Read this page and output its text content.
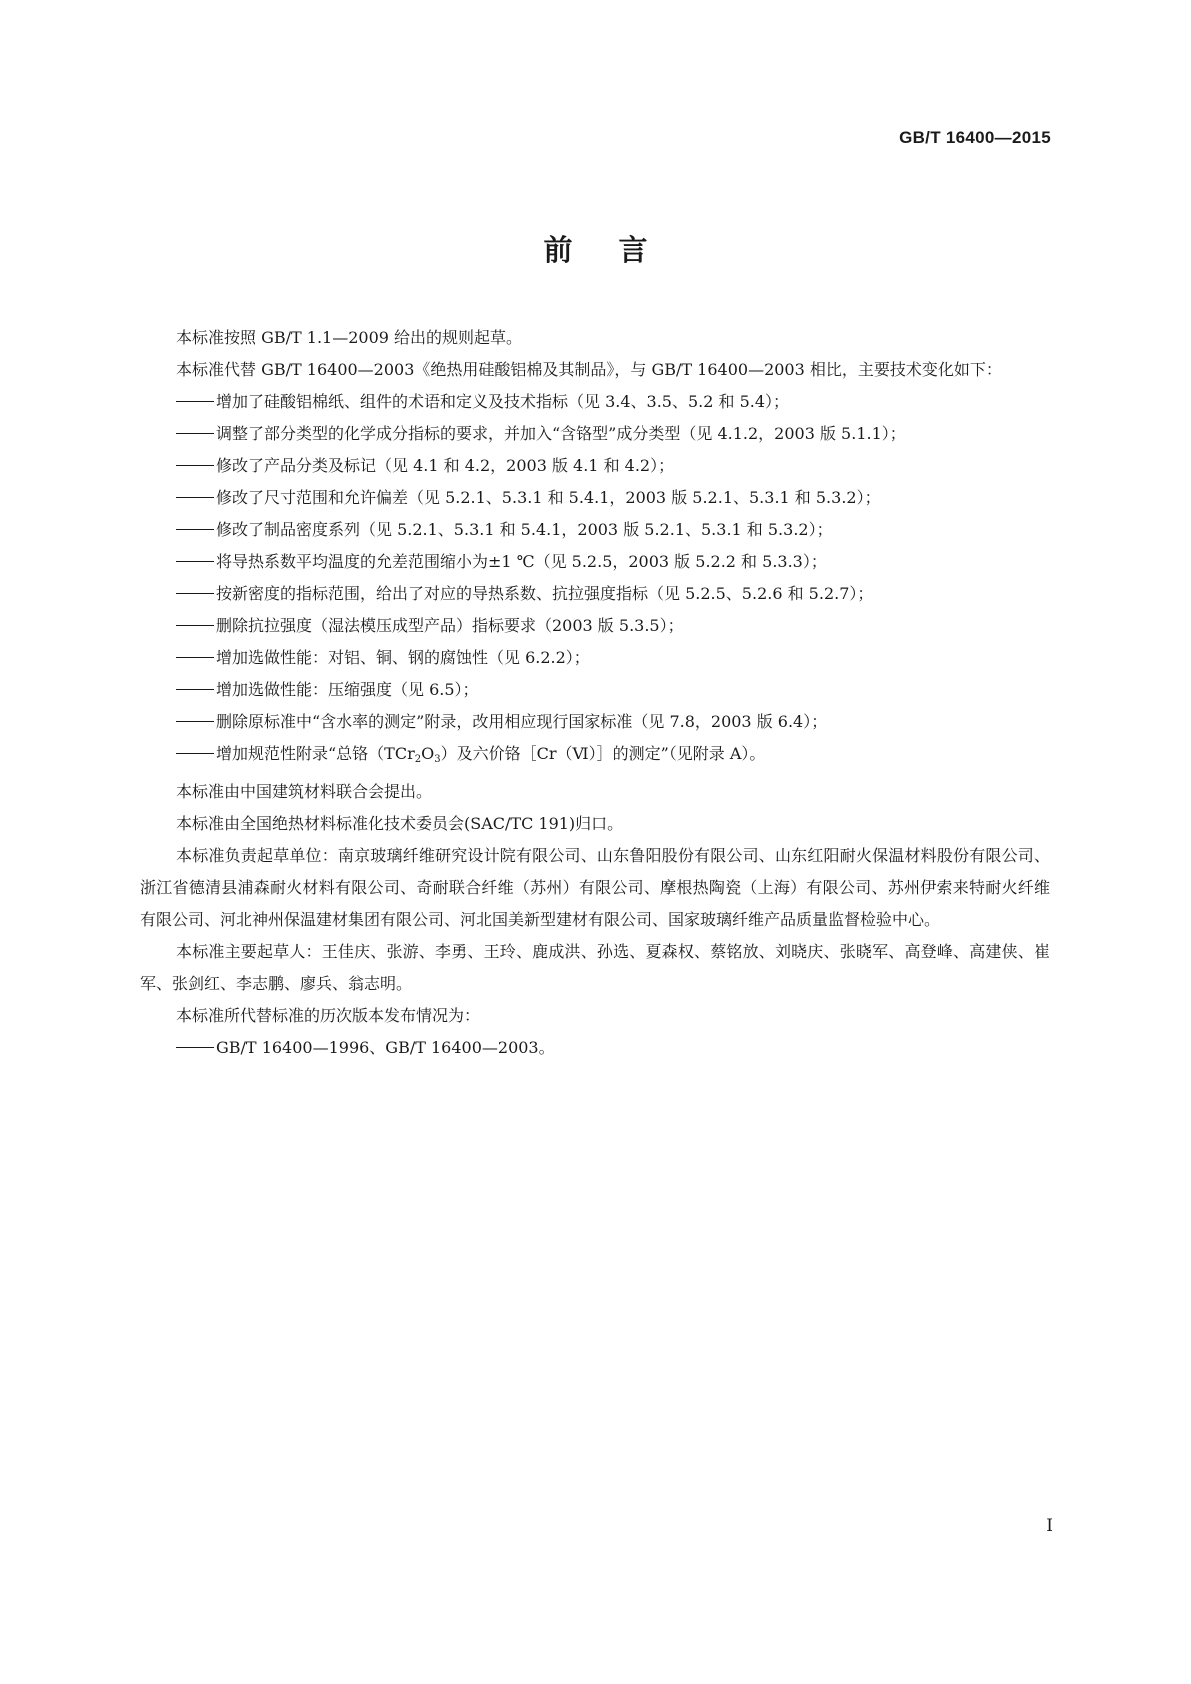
GB/T 16400—2015
前言

本标准按照 GB/T 1.1—2009 给出的规则起草。

本标准代替 GB/T 16400—2003《绝热用硅酸铝棉及其制品》，与 GB/T 16400—2003 相比，主要技术变化如下：

增加了硅酸铝棉纸、组件的术语和定义及技术指标（见 3.4、3.5、5.2 和 5.4）；

调整了部分类型的化学成分指标的要求，并加入“含铬型”成分类型（见 4.1.2，2003 版 5.1.1）；

修改了产品分类及标记（见 4.1 和 4.2，2003 版 4.1 和 4.2）；

修改了尺寸范围和允许偏差（见 5.2.1、5.3.1 和 5.4.1，2003 版 5.2.1、5.3.1 和 5.3.2）；

修改了制品密度系列（见 5.2.1、5.3.1 和 5.4.1，2003 版 5.2.1、5.3.1 和 5.3.2）；

将导热系数平均温度的允差范围缩小为±1 ℃（见 5.2.5，2003 版 5.2.2 和 5.3.3）；

按新密度的指标范围，给出了对应的导热系数、抗拉强度指标（见 5.2.5、5.2.6 和 5.2.7）；

删除抗拉强度（湿法模压成型产品）指标要求（2003 版 5.3.5）；

增加选做性能：对铝、铜、钢的腐蚀性（见 6.2.2）；

增加选做性能：压缩强度（见 6.5）；

删除原标准中“含水率的测定”附录，改用相应现行国家标准（见 7.8，2003 版 6.4）；

增加规范性附录“总铬$(TCr_2O_3)$及六价铬［Cr（Ⅵ）］的测定”（见附录 A）。

本标准由中国建筑材料联合会提出。

本标准由全国绝热材料标准化技术委员会(SAC/TC 191)归口。

本标准负责起草单位：南京玻璃纤维研究设计院有限公司、山东鲁阳股份有限公司、山东红阳耐火保温材料股份有限公司、浙江省德清县浦森耐火材料有限公司、奇耐联合纤维（苏州）有限公司、摩根热陶瓷（上海）有限公司、苏州伊索来特耐火纤维有限公司、河北神州保温建材集团有限公司、河北国美新型建材有限公司、国家玻璃纤维产品质量监督检验中心。

本标准主要起草人：王佳庆、张游、李勇、王玲、鹿成洪、孙选、夏森权、蔡铭放、刘晓庆、张晓军、高登峰、高建侠、崔军、张剑红、李志鹏、廖兵、翁志明。

本标准所代替标准的历次版本发布情况为：

GB/T 16400—1996、GB/T 16400—2003。

I
